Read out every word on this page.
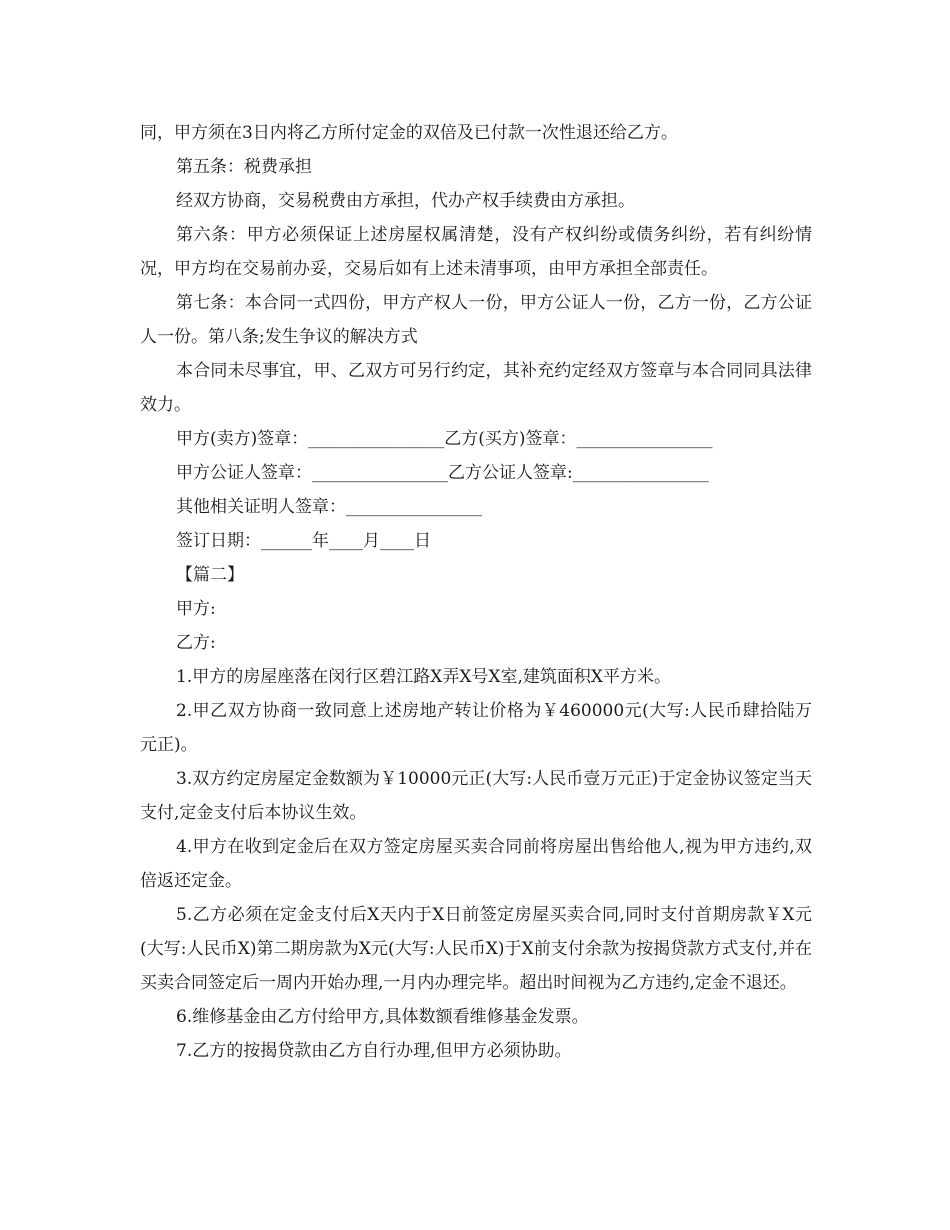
同，甲方须在3日内将乙方所付定金的双倍及已付款一次性退还给乙方。

第五条：税费承担

经双方协商，交易税费由方承担，代办产权手续费由方承担。

第六条：甲方必须保证上述房屋权属清楚，没有产权纠纷或债务纠纷，若有纠纷情况，甲方均在交易前办妥，交易后如有上述未清事项，由甲方承担全部责任。

第七条：本合同一式四份，甲方产权人一份，甲方公证人一份，乙方一份，乙方公证人一份。第八条;发生争议的解决方式

本合同未尽事宜，甲、乙双方可另行约定，其补充约定经双方签章与本合同同具法律效力。

甲方(卖方)签章：________________乙方(买方)签章：________________

甲方公证人签章：________________乙方公证人签章:________________

其他相关证明人签章：________________

签订日期：______年____月____日

【篇二】

甲方:

乙方:

1.甲方的房屋座落在闵行区碧江路X弄X号X室,建筑面积X平方米。

2.甲乙双方协商一致同意上述房地产转让价格为￥460000元(大写:人民币肆拾陆万元正)。

3.双方约定房屋定金数额为￥10000元正(大写:人民币壹万元正)于定金协议签定当天支付,定金支付后本协议生效。

4.甲方在收到定金后在双方签定房屋买卖合同前将房屋出售给他人,视为甲方违约,双倍返还定金。

5.乙方必须在定金支付后X天内于X日前签定房屋买卖合同,同时支付首期房款￥X元(大写:人民币X)第二期房款为X元(大写:人民币X)于X前支付余款为按揭贷款方式支付,并在买卖合同签定后一周内开始办理,一月内办理完毕。超出时间视为乙方违约,定金不退还。

6.维修基金由乙方付给甲方,具体数额看维修基金发票。

7.乙方的按揭贷款由乙方自行办理,但甲方必须协助。
